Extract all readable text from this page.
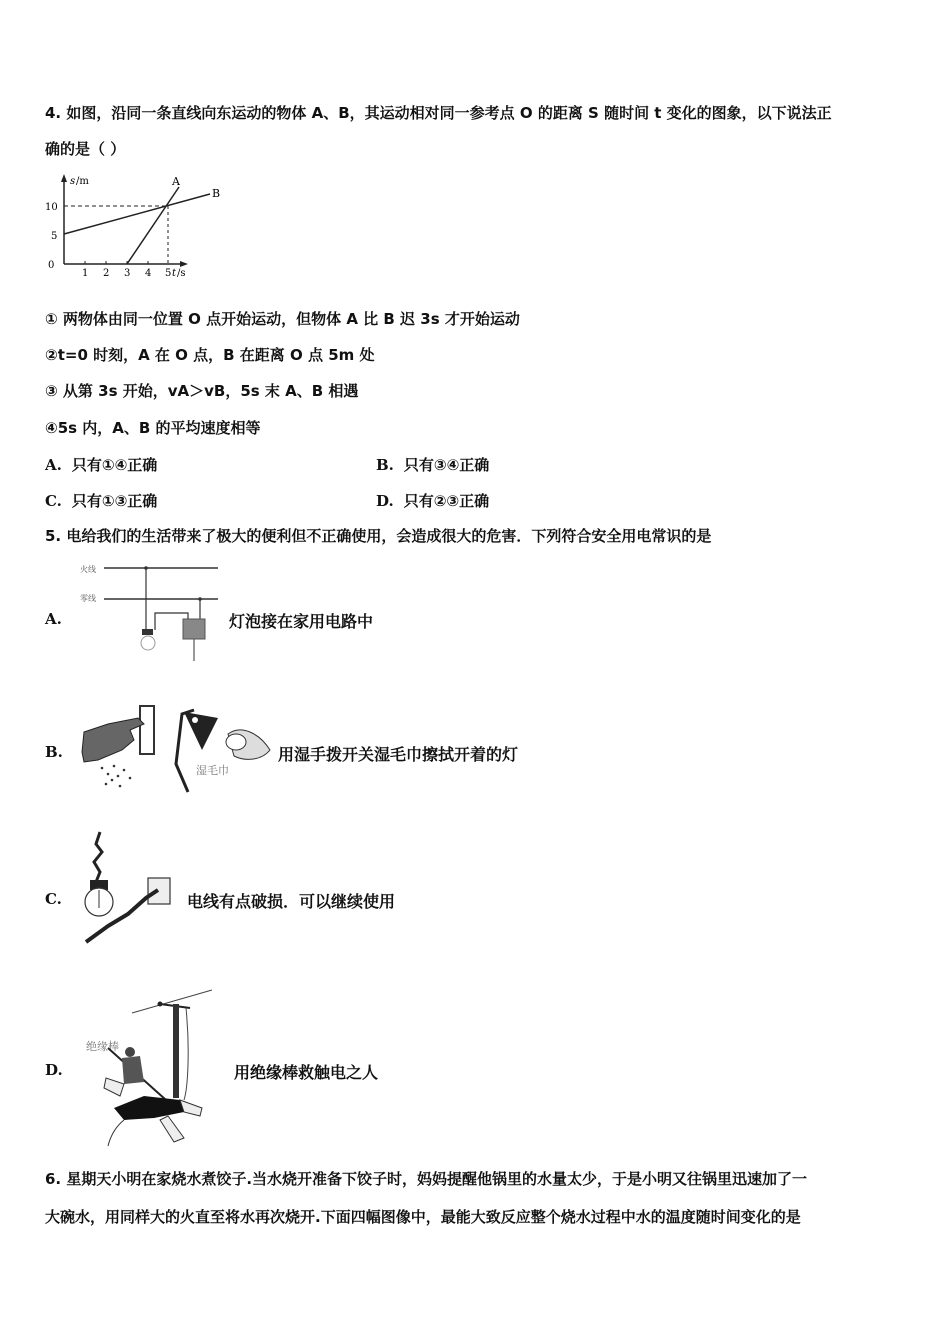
4. 如图，沿同一条直线向东运动的物体 A、B，其运动相对同一参考点 O 的距离 S 随时间 t 变化的图象，以下说法正
确的是（ ）
s /m
t /s
0
5
10
1 2 3 4 5
B
A
① 两物体由同一位置 O 点开始运动，但物体 A 比 B 迟 3s 才开始运动
②t=0 时刻，A 在 O 点，B 在距离 O 点 5m 处
③ 从第 3s 开始，vA＞vB，5s 末 A、B 相遇
④5s 内，A、B 的平均速度相等
A. 只有①④正确	B. 只有③④正确
C. 只有①③正确	D. 只有②③正确
5. 电给我们的生活带来了极大的便利但不正确使用，会造成很大的危害．下列符合安全用电常识的是
A.
火线
零线
灯泡接在家用电路中
B.
湿毛巾
用湿手拨开关湿毛巾擦拭开着的灯
C.	电线有点破损．可以继续使用
D.
绝缘棒
用绝缘棒救触电之人
6. 星期天小明在家烧水煮饺子.当水烧开准备下饺子时，妈妈提醒他锅里的水量太少，于是小明又往锅里迅速加了一
大碗水，用同样大的火直至将水再次烧开.下面四幅图像中，最能大致反应整个烧水过程中水的温度随时间变化的是
